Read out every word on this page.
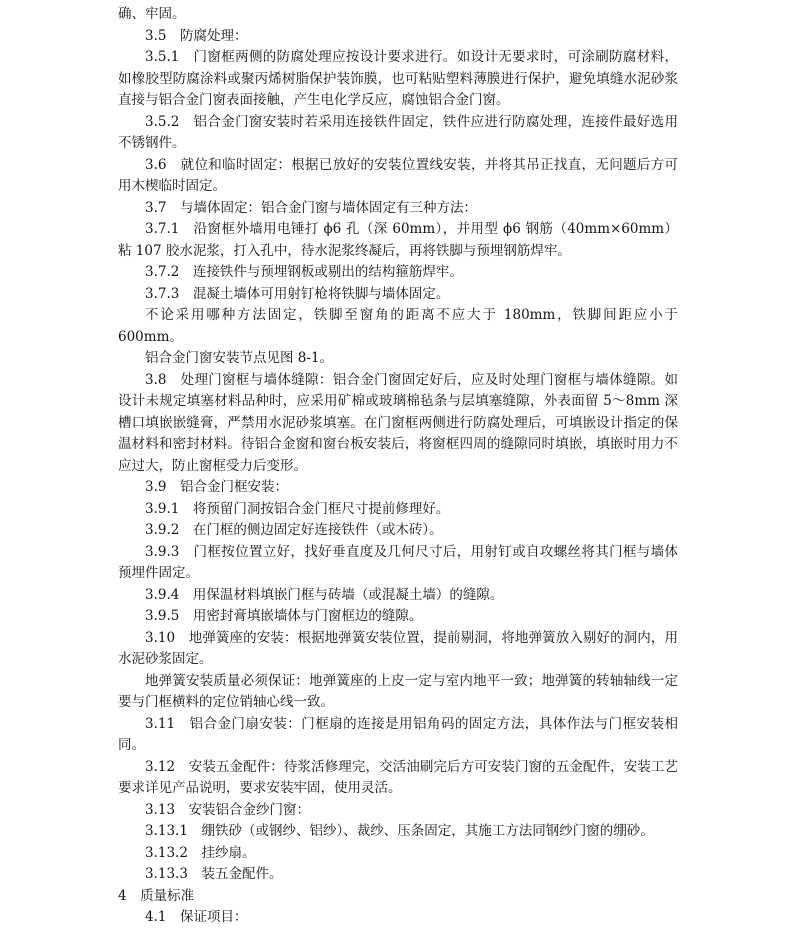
确、牢固。

3.5　防腐处理：

3.5.1　门窗框两侧的防腐处理应按设计要求进行。如设计无要求时，可涂刷防腐材料，如橡胶型防腐涂料或聚丙烯树脂保护装饰膜，也可粘贴塑料薄膜进行保护，避免填缝水泥砂浆直接与铝合金门窗表面接触，产生电化学反应，腐蚀铝合金门窗。

3.5.2　铝合金门窗安装时若采用连接铁件固定，铁件应进行防腐处理，连接件最好选用不锈钢件。

3.6　就位和临时固定：根据已放好的安装位置线安装，并将其吊正找直，无问题后方可用木楔临时固定。

3.7　与墙体固定：铝合金门窗与墙体固定有三种方法：

3.7.1　沿窗框外墙用电锤打 ϕ6 孔（深 60mm），并用型 ϕ6 钢筋（40mm×60mm）粘 107 胶水泥浆，打入孔中，待水泥浆终凝后，再将铁脚与预埋钢筋焊牢。

3.7.2　连接铁件与预埋钢板或剔出的结构箍筋焊牢。

3.7.3　混凝土墙体可用射钉枪将铁脚与墙体固定。

不论采用哪种方法固定，铁脚至窗角的距离不应大于 180mm，铁脚间距应小于 600mm。

铝合金门窗安装节点见图 8-1。

3.8　处理门窗框与墙体缝隙：铝合金门窗固定好后，应及时处理门窗框与墙体缝隙。如设计未规定填塞材料品种时，应采用矿棉或玻璃棉毡条与层填塞缝隙，外表面留 5～8mm 深槽口填嵌嵌缝膏，严禁用水泥砂浆填塞。在门窗框两侧进行防腐处理后，可填嵌设计指定的保温材料和密封材料。待铝合金窗和窗台板安装后，将窗框四周的缝隙同时填嵌，填嵌时用力不应过大，防止窗框受力后变形。

3.9　铝合金门框安装：

3.9.1　将预留门洞按铝合金门框尺寸提前修理好。

3.9.2　在门框的侧边固定好连接铁件（或木砖）。

3.9.3　门框按位置立好，找好垂直度及几何尺寸后，用射钉或自攻螺丝将其门框与墙体预埋件固定。

3.9.4　用保温材料填嵌门框与砖墙（或混凝土墙）的缝隙。

3.9.5　用密封膏填嵌墙体与门窗框边的缝隙。

3.10　地弹簧座的安装：根据地弹簧安装位置，提前剔洞，将地弹簧放入剔好的洞内，用水泥砂浆固定。

地弹簧安装质量必须保证：地弹簧座的上皮一定与室内地平一致；地弹簧的转轴轴线一定要与门框横料的定位销轴心线一致。

3.11　铝合金门扇安装：门框扇的连接是用铝角码的固定方法，具体作法与门框安装相同。

3.12　安装五金配件：待浆活修理完，交活油刷完后方可安装门窗的五金配件，安装工艺要求详见产品说明，要求安装牢固，使用灵活。

3.13　安装铝合金纱门窗：

3.13.1　绷铁砂（或钢纱、铝纱）、裁纱、压条固定，其施工方法同钢纱门窗的绷砂。

3.13.2　挂纱扇。

3.13.3　装五金配件。

4　质量标准

4.1　保证项目：
